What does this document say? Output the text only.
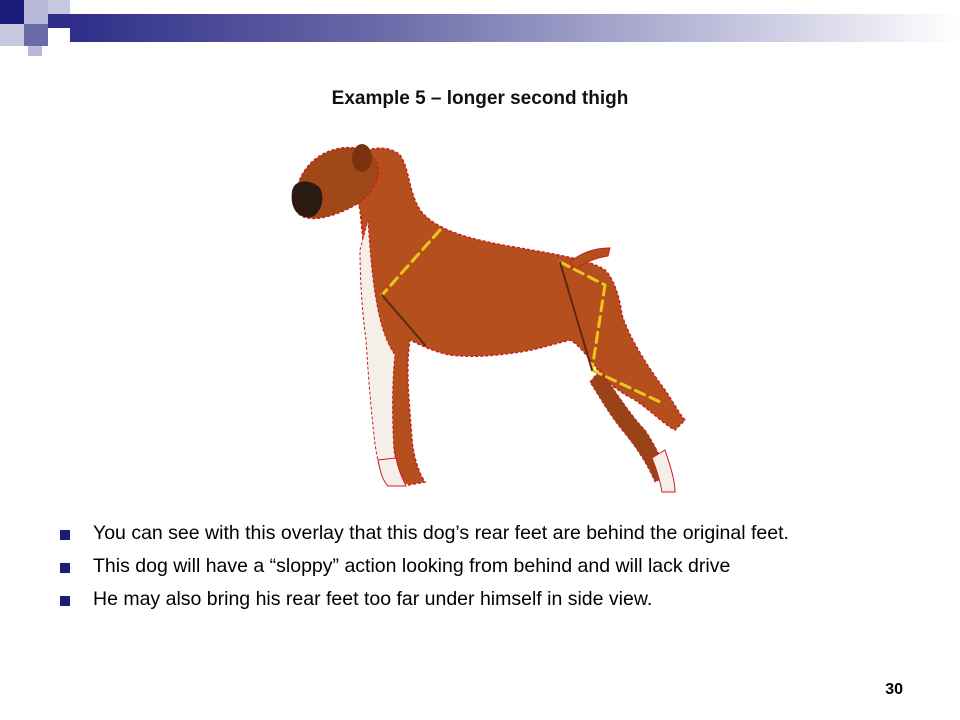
Example 5 – longer second thigh
You can see with this overlay that this dog’s rear feet are behind the original feet.
This dog will have a “sloppy” action looking from behind and will lack drive
He may also bring his rear feet too far under himself in side view.
30
